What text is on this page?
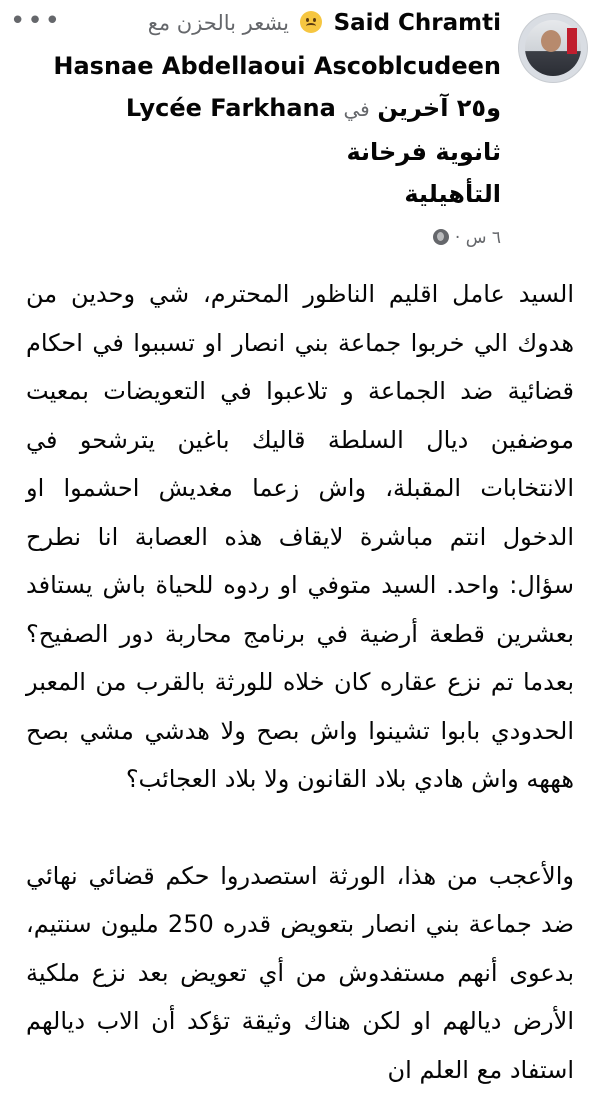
•••	Said Chramti
يشعر بالحزن مع
Hasnae Abdellaoui Ascoblcudeen
و٢٥ آخرين في Lycée Farkhana
ثانوية فرخانة
التأهيلية
٦ س ·

السيد عامل اقليم الناظور المحترم، شي وحدين من هدوك الي خربوا جماعة بني انصار او تسببوا في احكام قضائية ضد الجماعة و تلاعبوا في التعويضات بمعيت موضفين ديال السلطة قاليك باغين يترشحو في الانتخابات المقبلة، واش زعما مغديش احشموا او الدخول انتم مباشرة لايقاف هذه العصابة انا نطرح سؤال: واحد. السيد متوفي او ردوه للحياة باش يستافد بعشرين قطعة أرضية في برنامج محاربة دور الصفيح؟ بعدما تم نزع عقاره كان خلاه للورثة بالقرب من المعبر الحدودي بابوا تشينوا واش بصح ولا هدشي مشي بصح هههه واش هادي بلاد القانون ولا بلاد العجائب؟

والأعجب من هذا، الورثة استصدروا حكم قضائي نهائي ضد جماعة بني انصار بتعويض قدره 250 مليون سنتيم، بدعوى أنهم مستفدوش من أي تعويض بعد نزع ملكية الأرض ديالهم او لكن هناك وثيقة تؤكد أن الاب ديالهم استفاد مع العلم ان
